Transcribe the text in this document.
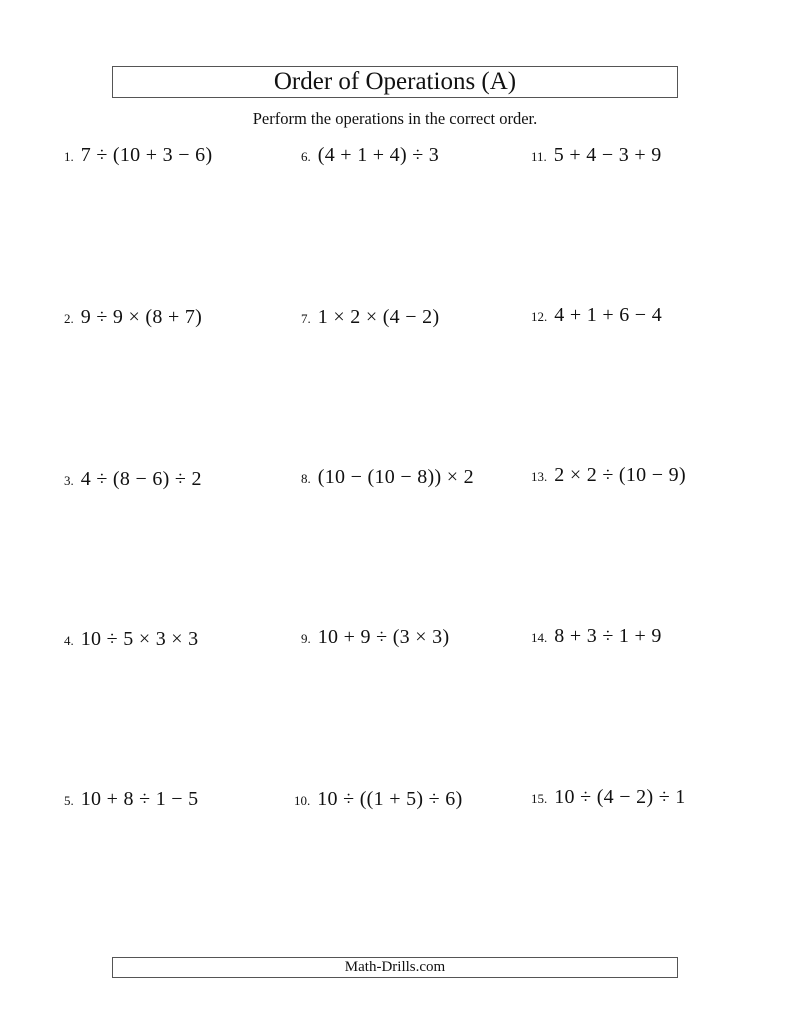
Order of Operations (A)
Perform the operations in the correct order.
1. 7 ÷ (10 + 3 − 6)
2. 9 ÷ 9 × (8 + 7)
3. 4 ÷ (8 − 6) ÷ 2
4. 10 ÷ 5 × 3 × 3
5. 10 + 8 ÷ 1 − 5
6. (4 + 1 + 4) ÷ 3
7. 1 × 2 × (4 − 2)
8. (10 − (10 − 8)) × 2
9. 10 + 9 ÷ (3 × 3)
10. 10 ÷ ((1 + 5) ÷ 6)
11. 5 + 4 − 3 + 9
12. 4 + 1 + 6 − 4
13. 2 × 2 ÷ (10 − 9)
14. 8 + 3 ÷ 1 + 9
15. 10 ÷ (4 − 2) ÷ 1
Math-Drills.com
